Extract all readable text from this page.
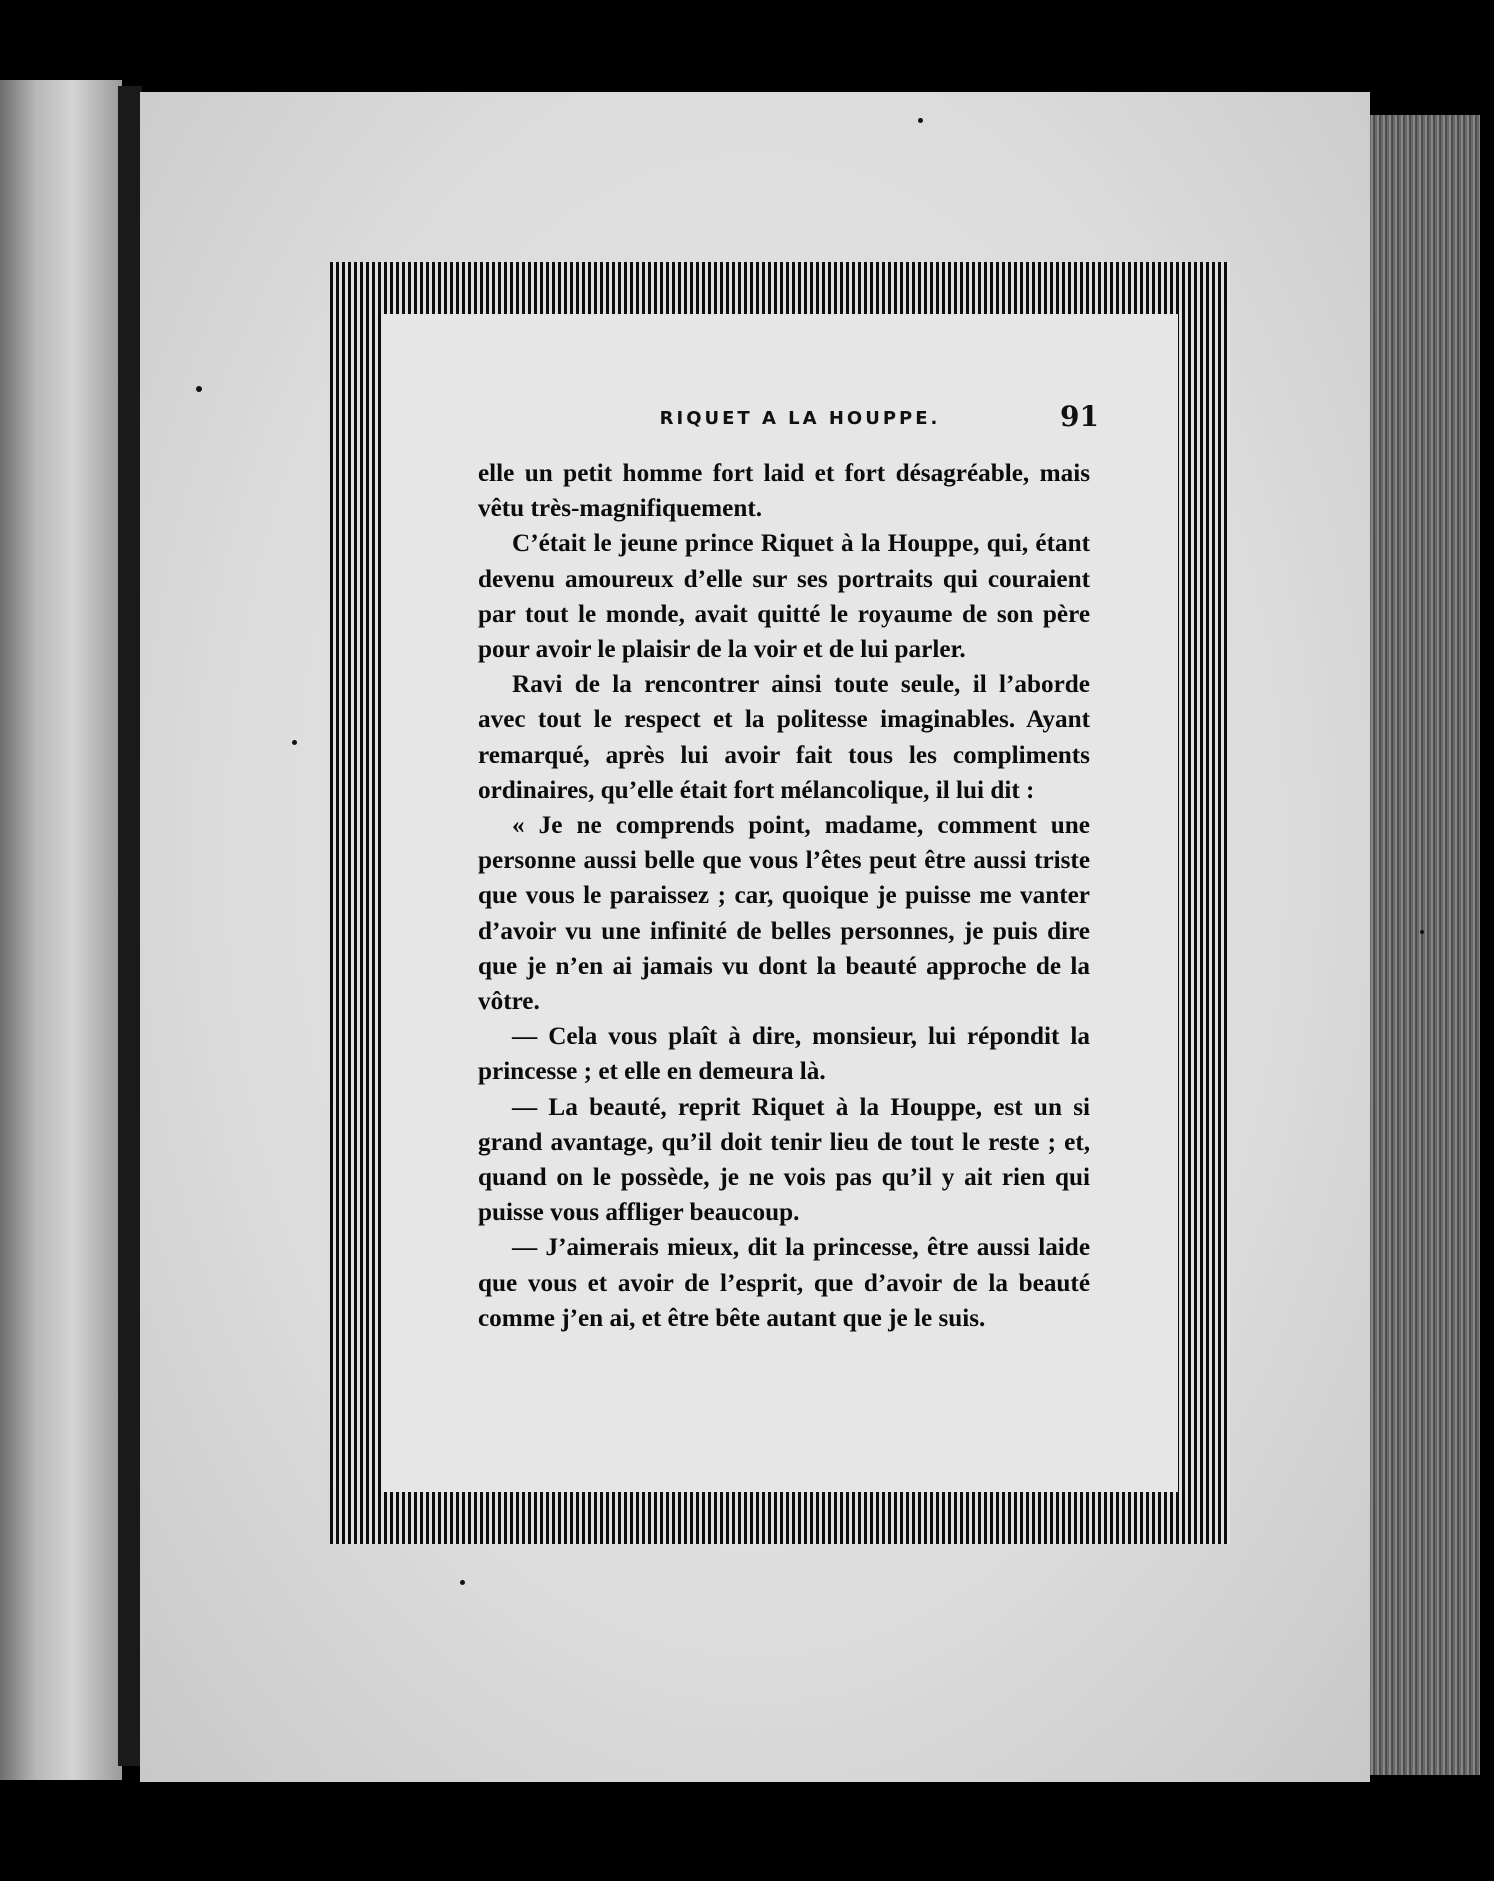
RIQUET A LA HOUPPE.	91

elle un petit homme fort laid et fort désagréable, mais vêtu très-magnifiquement.

C’était le jeune prince Riquet à la Houppe, qui, étant devenu amoureux d’elle sur ses portraits qui couraient par tout le monde, avait quitté le royaume de son père pour avoir le plaisir de la voir et de lui parler.

Ravi de la rencontrer ainsi toute seule, il l’aborde avec tout le respect et la politesse imaginables. Ayant remarqué, après lui avoir fait tous les compliments ordinaires, qu’elle était fort mélancolique, il lui dit :

« Je ne comprends point, madame, comment une personne aussi belle que vous l’êtes peut être aussi triste que vous le paraissez ; car, quoique je puisse me vanter d’avoir vu une infinité de belles personnes, je puis dire que je n’en ai jamais vu dont la beauté approche de la vôtre.

— Cela vous plaît à dire, monsieur, lui répondit la princesse ; et elle en demeura là.

— La beauté, reprit Riquet à la Houppe, est un si grand avantage, qu’il doit tenir lieu de tout le reste ; et, quand on le possède, je ne vois pas qu’il y ait rien qui puisse vous affliger beaucoup.

— J’aimerais mieux, dit la princesse, être aussi laide que vous et avoir de l’esprit, que d’avoir de la beauté comme j’en ai, et être bête autant que je le suis.
